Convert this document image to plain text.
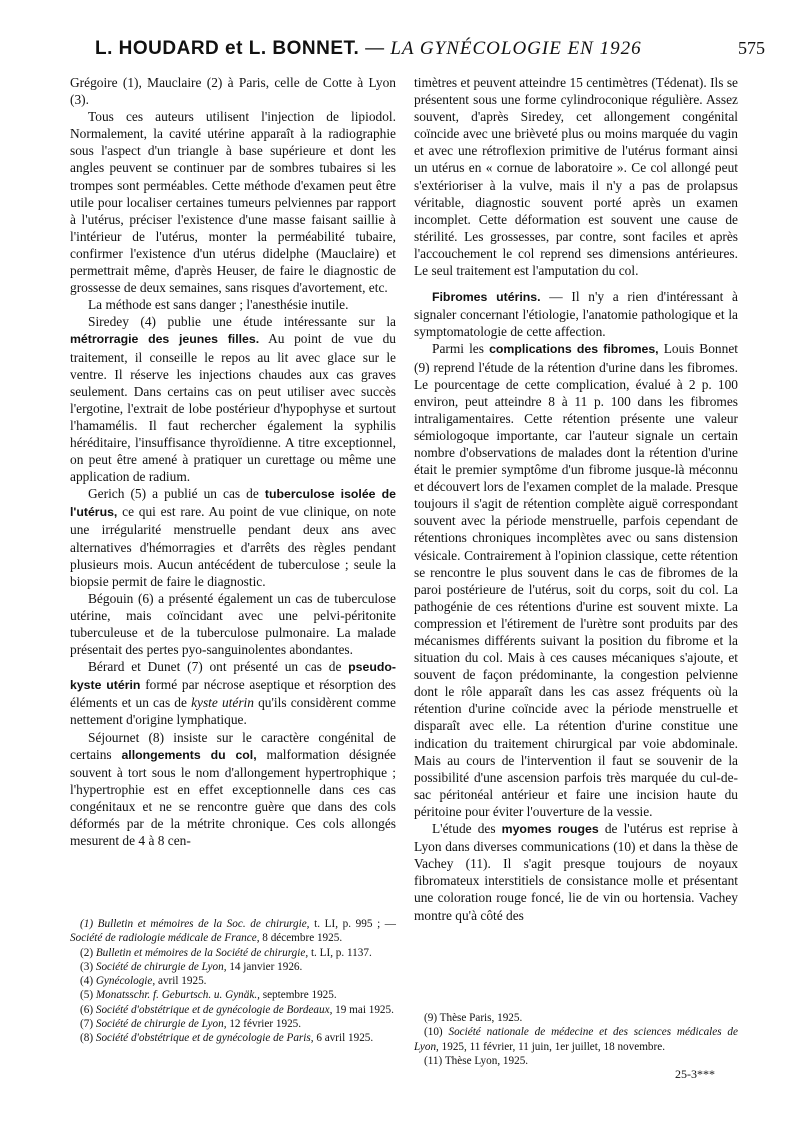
L. HOUDARD et L. BONNET. — LA GYNÉCOLOGIE EN 1926	575

Grégoire (1), Mauclaire (2) à Paris, celle de Cotte à Lyon (3).

Tous ces auteurs utilisent l'injection de lipiodol. Normalement, la cavité utérine apparaît à la radiographie sous l'aspect d'un triangle à base supérieure et dont les angles peuvent se continuer par de sombres tubaires si les trompes sont perméables. Cette méthode d'examen peut être utile pour localiser certaines tumeurs pelviennes par rapport à l'utérus, préciser l'existence d'une masse faisant saillie à l'intérieur de l'utérus, monter la perméabilité tubaire, confirmer l'existence d'un utérus didelphe (Mauclaire) et permettrait même, d'après Heuser, de faire le diagnostic de grossesse de deux semaines, sans risques d'avortement, etc.

La méthode est sans danger ; l'anesthésie inutile.

Siredey (4) publie une étude intéressante sur la métrorragie des jeunes filles. Au point de vue du traitement, il conseille le repos au lit avec glace sur le ventre. Il réserve les injections chaudes aux cas graves seulement. Dans certains cas on peut utiliser avec succès l'ergotine, l'extrait de lobe postérieur d'hypophyse et surtout l'hamamélis. Il faut rechercher également la syphilis héréditaire, l'insuffisance thyroïdienne. A titre exceptionnel, on peut être amené à pratiquer un curettage ou même une application de radium.

Gerich (5) a publié un cas de tuberculose isolée de l'utérus, ce qui est rare. Au point de vue clinique, on note une irrégularité menstruelle pendant deux ans avec alternatives d'hémorragies et d'arrêts des règles pendant plusieurs mois. Aucun antécédent de tuberculose ; seule la biopsie permit de faire le diagnostic.

Bégouin (6) a présenté également un cas de tuberculose utérine, mais coïncidant avec une pelvi-péritonite tuberculeuse et de la tuberculose pulmonaire. La malade présentait des pertes pyo-sanguinolentes abondantes.

Bérard et Dunet (7) ont présenté un cas de pseudo-kyste utérin formé par nécrose aseptique et résorption des éléments et un cas de kyste utérin qu'ils considèrent comme nettement d'origine lymphatique.

Séjournet (8) insiste sur le caractère congénital de certains allongements du col, malformation désignée souvent à tort sous le nom d'allongement hypertrophique ; l'hypertrophie est en effet exceptionnelle dans ces cas congénitaux et ne se rencontre guère que dans des cols déformés par de la métrite chronique. Ces cols allongés mesurent de 4 à 8 cen-

timètres et peuvent atteindre 15 centimètres (Tédenat). Ils se présentent sous une forme cylindroconique régulière. Assez souvent, d'après Siredey, cet allongement congénital coïncide avec une brièveté plus ou moins marquée du vagin et avec une rétroflexion primitive de l'utérus formant ainsi un utérus en « cornue de laboratoire ». Ce col allongé peut s'extérioriser à la vulve, mais il n'y a pas de prolapsus véritable, diagnostic souvent porté après un examen incomplet. Cette déformation est souvent une cause de stérilité. Les grossesses, par contre, sont faciles et après l'accouchement le col reprend ses dimensions antérieures. Le seul traitement est l'amputation du col.

Fibromes utérins. — Il n'y a rien d'intéressant à signaler concernant l'étiologie, l'anatomie pathologique et la symptomatologie de cette affection.

Parmi les complications des fibromes, Louis Bonnet (9) reprend l'étude de la rétention d'urine dans les fibromes. Le pourcentage de cette complication, évalué à 2 p. 100 environ, peut atteindre 8 à 11 p. 100 dans les fibromes intraligamentaires. Cette rétention présente une valeur sémiologoque importante, car l'auteur signale un certain nombre d'observations de malades dont la rétention d'urine était le premier symptôme d'un fibrome jusque-là méconnu et découvert lors de l'examen complet de la malade. Presque toujours il s'agit de rétention complète aiguë correspondant souvent avec la période menstruelle, parfois cependant de rétentions chroniques incomplètes avec ou sans distension vésicale. Contrairement à l'opinion classique, cette rétention se rencontre le plus souvent dans le cas de fibromes de la paroi postérieure de l'utérus, soit du corps, soit du col. La pathogénie de ces rétentions d'urine est souvent mixte. La compression et l'étirement de l'urètre sont produits par des mécanismes différents suivant la position du fibrome et la situation du col. Mais à ces causes mécaniques s'ajoute, et souvent de façon prédominante, la congestion pelvienne dont le rôle apparaît dans les cas assez fréquents où la rétention d'urine coïncide avec la période menstruelle et disparaît avec elle. La rétention d'urine constitue une indication du traitement chirurgical par voie abdominale. Mais au cours de l'intervention il faut se souvenir de la possibilité d'une ascension parfois très marquée du cul-de-sac péritonéal antérieur et faire une incision haute du péritoine pour éviter l'ouverture de la vessie.

L'étude des myomes rouges de l'utérus est reprise à Lyon dans diverses communications (10) et dans la thèse de Vachey (11). Il s'agit presque toujours de noyaux fibromateux interstitiels de consistance molle et présentant une coloration rouge foncé, lie de vin ou hortensia. Vachey montre qu'à côté des

(1) Bulletin et mémoires de la Soc. de chirurgie, t. LI, p. 995 ; — Société de radiologie médicale de France, 8 décembre 1925.

(2) Bulletin et mémoires de la Société de chirurgie, t. LI, p. 1137.

(3) Société de chirurgie de Lyon, 14 janvier 1926.

(4) Gynécologie, avril 1925.

(5) Monatsschr. f. Geburtsch. u. Gynäk., septembre 1925.

(6) Société d'obstétrique et de gynécologie de Bordeaux, 19 mai 1925.

(7) Société de chirurgie de Lyon, 12 février 1925.

(8) Société d'obstétrique et de gynécologie de Paris, 6 avril 1925.

(9) Thèse Paris, 1925.

(10) Société nationale de médecine et des sciences médicales de Lyon, 1925, 11 février, 11 juin, 1er juillet, 18 novembre.

(11) Thèse Lyon, 1925.

25-3***
